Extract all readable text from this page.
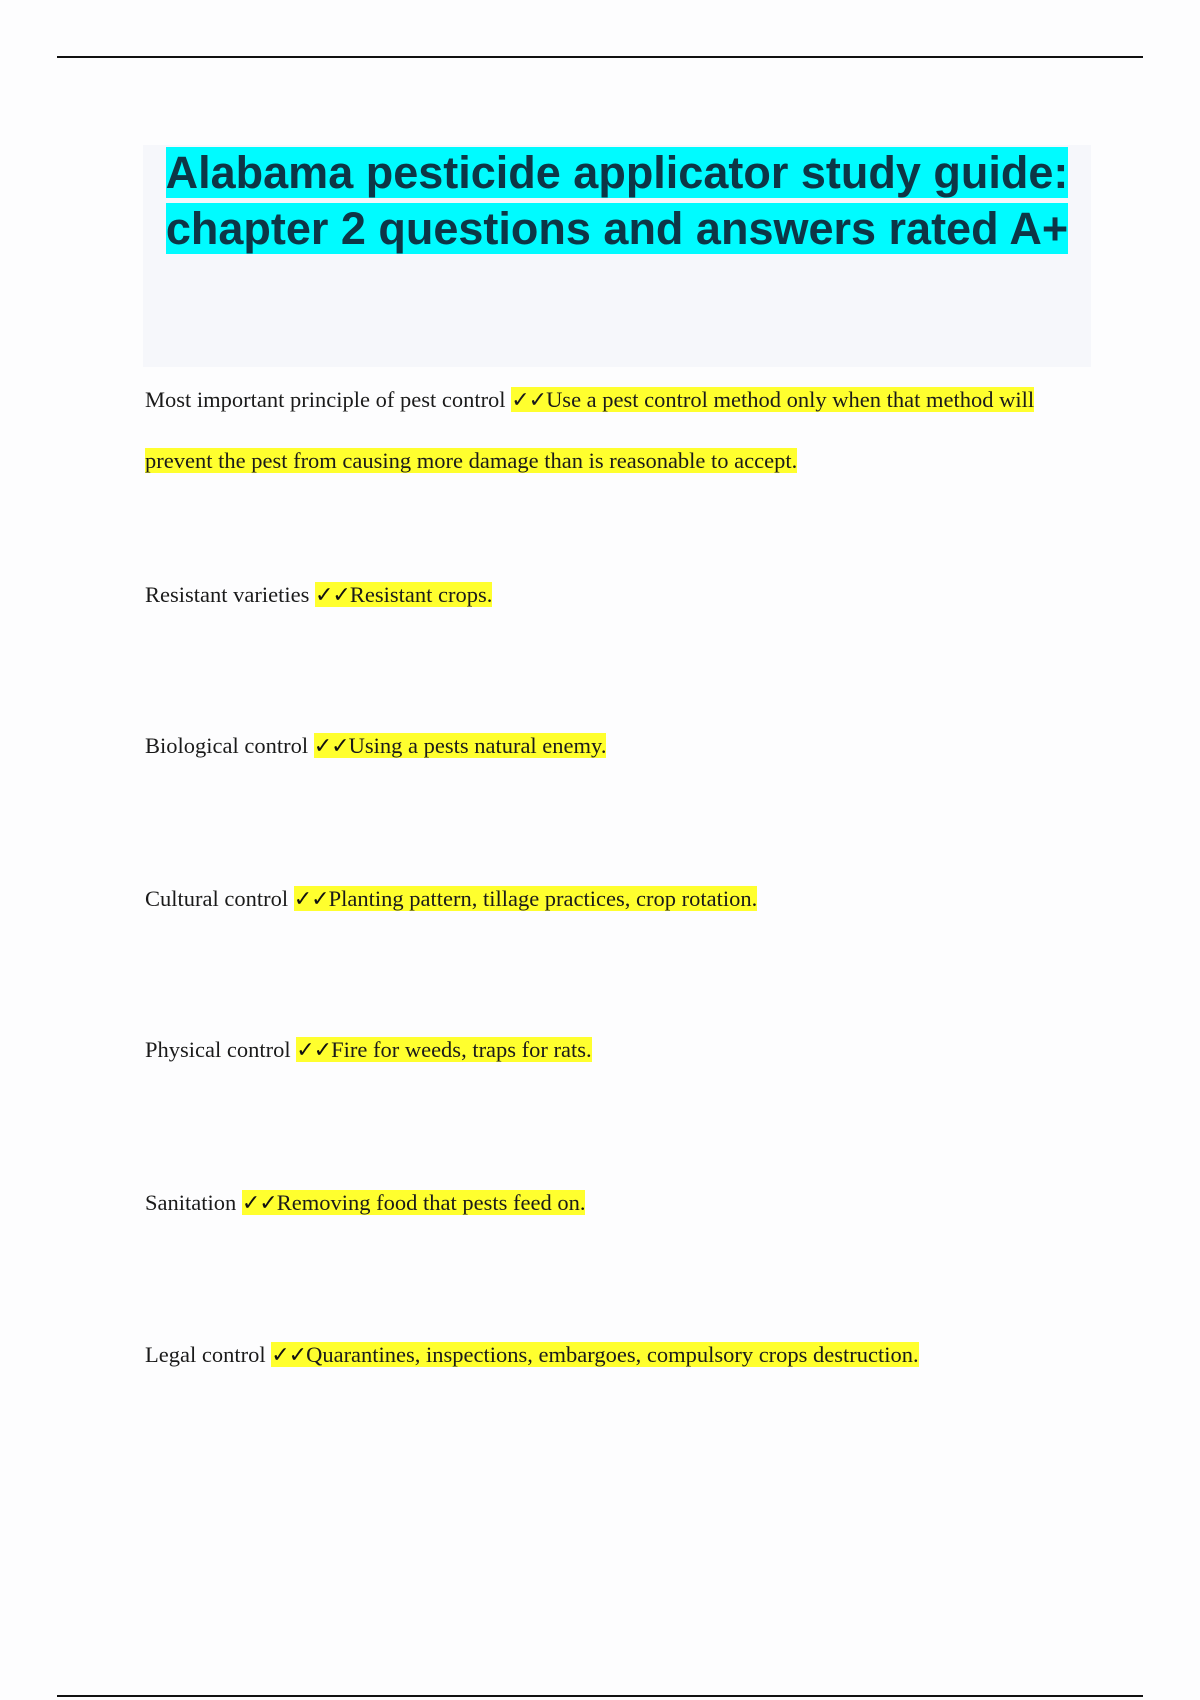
Alabama pesticide applicator study guide: chapter 2 questions and answers rated A+
Most important principle of pest control ✓✓Use a pest control method only when that method will prevent the pest from causing more damage than is reasonable to accept.
Resistant varieties ✓✓Resistant crops.
Biological control ✓✓Using a pests natural enemy.
Cultural control ✓✓Planting pattern, tillage practices, crop rotation.
Physical control ✓✓Fire for weeds, traps for rats.
Sanitation ✓✓Removing food that pests feed on.
Legal control ✓✓Quarantines, inspections, embargoes, compulsory crops destruction.
